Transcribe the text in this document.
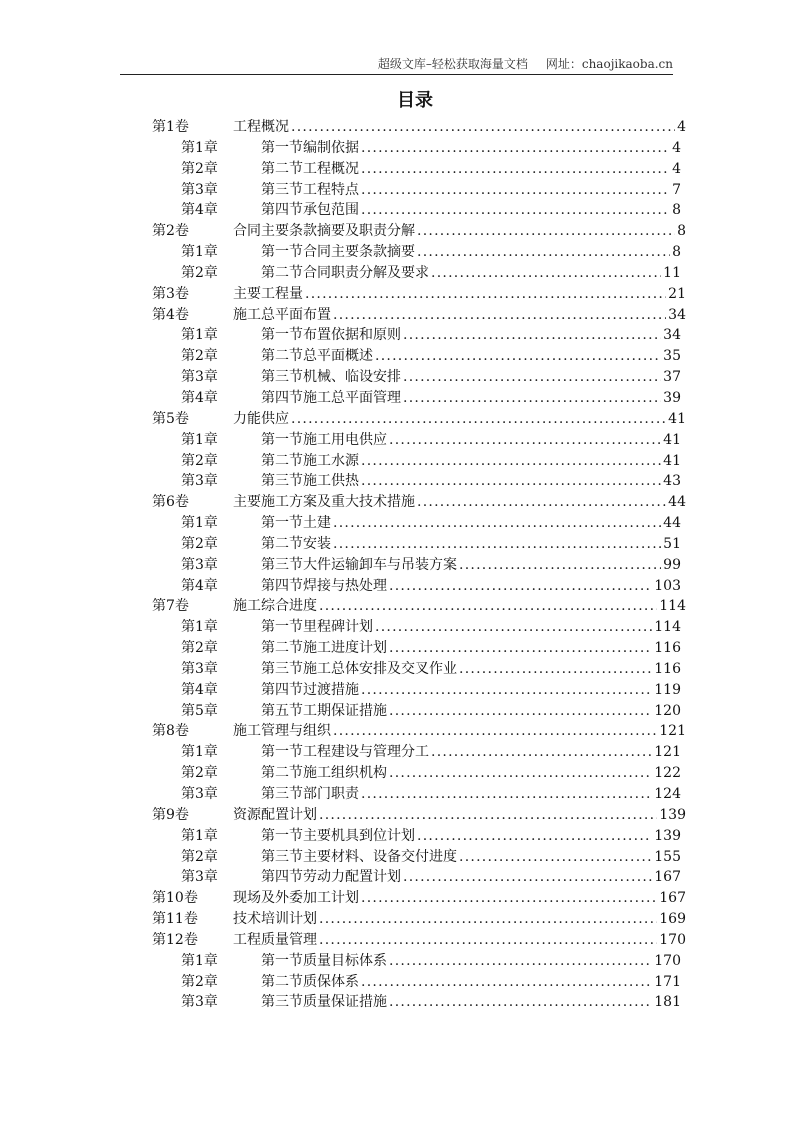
超级文库–轻松获取海量文档 网址：chaojikaoba.cn
目录
第1卷	工程概况 . . .	4
第1章	第一节编制依据 . . .	4
第2章	第二节工程概况 . . .	4
第3章	第三节工程特点 . . .	7
第4章	第四节承包范围 . . .	8
第2卷	合同主要条款摘要及职责分解 . . .	8
第1章	第一节合同主要条款摘要 . . .	8
第2章	第二节合同职责分解及要求 . . .	11
第3卷	主要工程量 . . .	21
第4卷	施工总平面布置 . . .	34
第1章	第一节布置依据和原则 . . .	34
第2章	第二节总平面概述 . . .	35
第3章	第三节机械、临设安排 . . .	37
第4章	第四节施工总平面管理 . . .	39
第5卷	力能供应 . . .	41
第1章	第一节施工用电供应 . . .	41
第2章	第二节施工水源 . . .	41
第3章	第三节施工供热 . . .	43
第6卷	主要施工方案及重大技术措施 . . .	44
第1章	第一节土建 . . .	44
第2章	第二节安装 . . .	51
第3章	第三节大件运输卸车与吊装方案 . . .	99
第4章	第四节焊接与热处理 . . .	103
第7卷	施工综合进度 . . .	114
第1章	第一节里程碑计划 . . .	114
第2章	第二节施工进度计划 . . .	116
第3章	第三节施工总体安排及交叉作业 . . .	116
第4章	第四节过渡措施 . . .	119
第5章	第五节工期保证措施 . . .	120
第8卷	施工管理与组织 . . .	121
第1章	第一节工程建设与管理分工 . . .	121
第2章	第二节施工组织机构 . . .	122
第3章	第三节部门职责 . . .	124
第9卷	资源配置计划 . . .	139
第1章	第一节主要机具到位计划 . . .	139
第2章	第三节主要材料、设备交付进度 . . .	155
第3章	第四节劳动力配置计划 . . .	167
第10卷	现场及外委加工计划 . . .	167
第11卷	技术培训计划 . . .	169
第12卷	工程质量管理 . . .	170
第1章	第一节质量目标体系 . . .	170
第2章	第二节质保体系 . . .	171
第3章	第三节质量保证措施 . . .	181
